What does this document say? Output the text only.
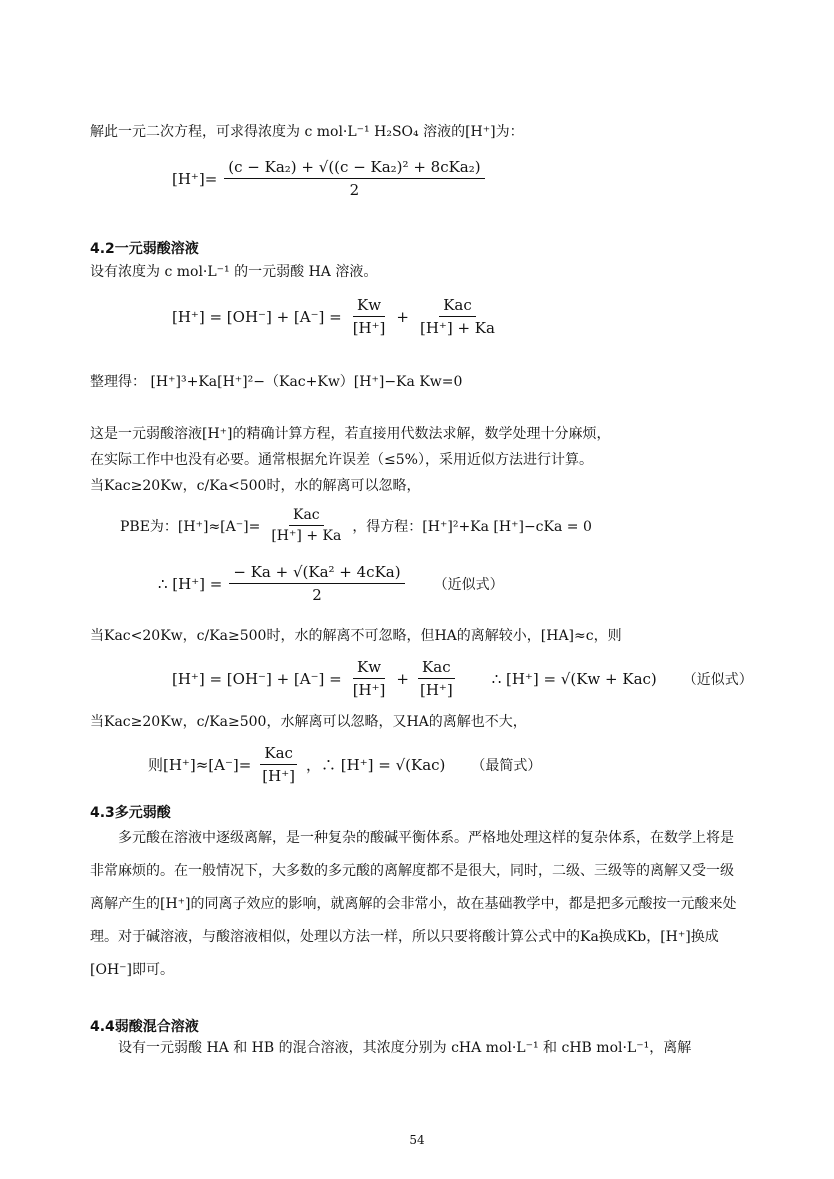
解此一元二次方程，可求得浓度为 c mol·L⁻¹ H₂SO₄ 溶液的[H⁺]为：
$[H^+]= \frac{\text{(c − Ka₂) + √((c − Ka₂)² + 8cKa₂)}}{2}$
4.2一元弱酸溶液
设有浓度为 c mol·L⁻¹ 的一元弱酸 HA 溶液。
$[H^+] = [OH^-] + [A^-] = \frac{Kw}{[H^+]} + \frac{\text{Kac}}{[H^+] + Ka}$
整理得： [H⁺]³+Ka[H⁺]²−（Kac+Kw）[H⁺]−Ka Kw=0
这是一元弱酸溶液[H⁺]的精确计算方程，若直接用代数法求解，数学处理十分麻烦，
在实际工作中也没有必要。通常根据允许误差（≤5%），采用近似方法进行计算。
当Kac≥20Kw，c/Ka<500时，水的解离可以忽略，
PBE为：$[H^+]\approx[A^-]= \frac{\text{Kac}}{[H^+] + Ka}$ ，得方程：[H⁺]²+Ka [H⁺]−cKa = 0
∴ $[H^+] = \frac{\text{− Ka + √(Ka² + 4cKa)}}{2}$ （近似式）
当Kac<20Kw，c/Ka≥500时，水的解离不可忽略，但HA的离解较小，[HA]≈c，则
$[H^+] = [OH^-] + [A^-] = \frac{Kw}{[H^+]} + \frac{\text{Kac}}{[H^+]}$ ∴ [H⁺] = √(Kw + Kac) （近似式）
当Kac≥20Kw，c/Ka≥500，水解离可以忽略，又HA的离解也不大，
则$[H^+]\approx[A^-]= \frac{\text{Kac}}{[H^+]}$ ，∴ [H⁺] = √(Kac) （最简式）
4.3多元弱酸
多元酸在溶液中逐级离解，是一种复杂的酸碱平衡体系。严格地处理这样的复杂体系，在数学上将是非常麻烦的。在一般情况下，大多数的多元酸的离解度都不是很大，同时，二级、三级等的离解又受一级离解产生的[H⁺]的同离子效应的影响，就离解的会非常小，故在基础教学中，都是把多元酸按一元酸来处理。对于碱溶液，与酸溶液相似，处理以方法一样，所以只要将酸计算公式中的Ka换成Kb，[H⁺]换成[OH⁻]即可。
4.4弱酸混合溶液
设有一元弱酸 HA 和 HB 的混合溶液，其浓度分别为 cHA mol·L⁻¹ 和 cHB mol·L⁻¹，离解
54
